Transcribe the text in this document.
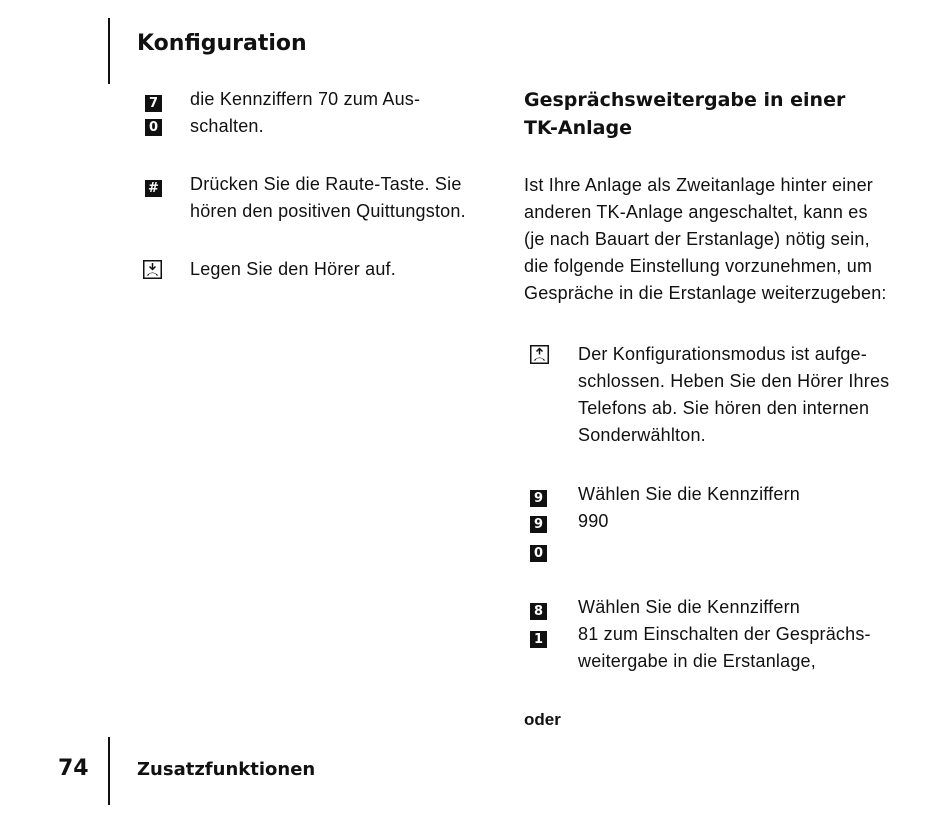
Konfiguration
7
0
die Kennziffern 70 zum Aus-
schalten.
# Drücken Sie die Raute-Taste. Sie
hören den positiven Quittungston.
Legen Sie den Hörer auf.
Gesprächsweitergabe in einer
TK-Anlage
Ist Ihre Anlage als Zweitanlage hinter einer
anderen TK-Anlage angeschaltet, kann es
(je nach Bauart der Erstanlage) nötig sein,
die folgende Einstellung vorzunehmen, um
Gespräche in die Erstanlage weiterzugeben:
Der Konfigurationsmodus ist aufge-
schlossen. Heben Sie den Hörer Ihres
Telefons ab. Sie hören den internen
Sonderwählton.
9
9
0
Wählen Sie die Kennziffern
990
8
1
Wählen Sie die Kennziffern
81 zum Einschalten der Gesprächs-
weitergabe in die Erstanlage,
oder
74	Zusatzfunktionen
